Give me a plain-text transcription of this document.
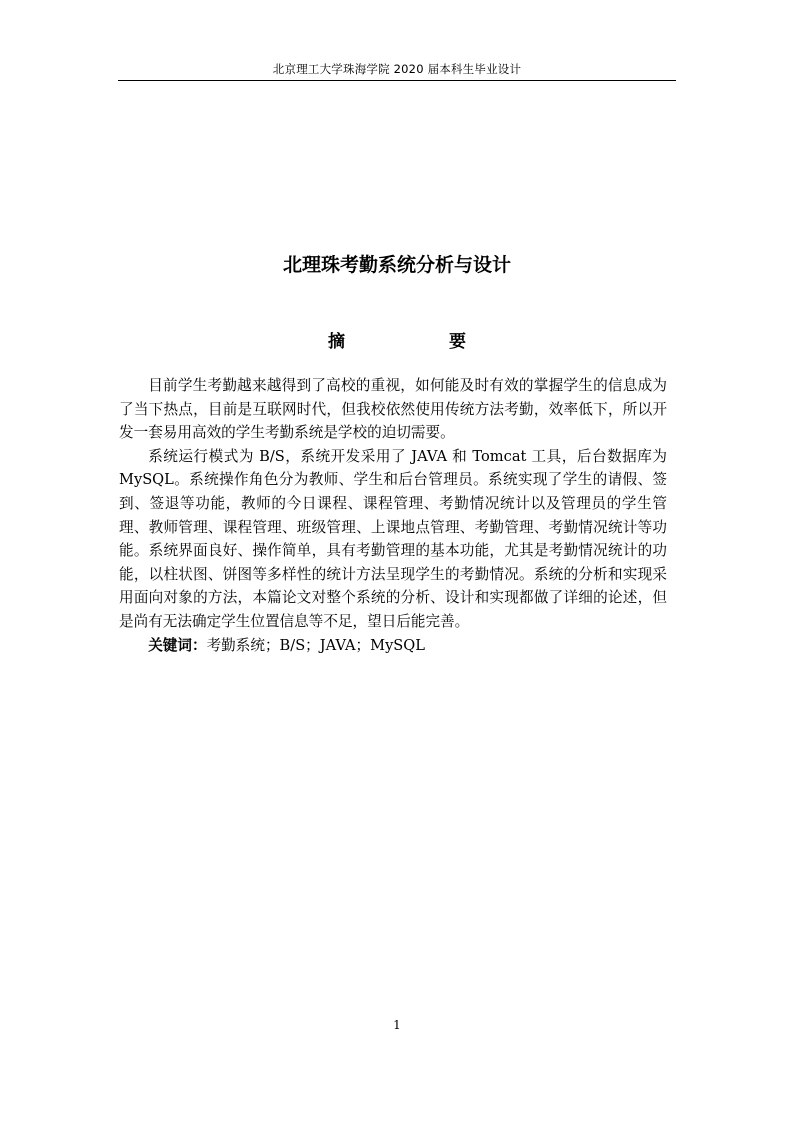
北京理工大学珠海学院 2020 届本科生毕业设计
北理珠考勤系统分析与设计
摘 要

目前学生考勤越来越得到了高校的重视，如何能及时有效的掌握学生的信息成为了当下热点，目前是互联网时代，但我校依然使用传统方法考勤，效率低下，所以开发一套易用高效的学生考勤系统是学校的迫切需要。

系统运行模式为 B/S，系统开发采用了 JAVA 和 Tomcat 工具，后台数据库为 MySQL。系统操作角色分为教师、学生和后台管理员。系统实现了学生的请假、签到、签退等功能，教师的今日课程、课程管理、考勤情况统计以及管理员的学生管理、教师管理、课程管理、班级管理、上课地点管理、考勤管理、考勤情况统计等功能。系统界面良好、操作简单，具有考勤管理的基本功能，尤其是考勤情况统计的功能，以柱状图、饼图等多样性的统计方法呈现学生的考勤情况。系统的分析和实现采用面向对象的方法，本篇论文对整个系统的分析、设计和实现都做了详细的论述，但是尚有无法确定学生位置信息等不足，望日后能完善。

关键词：考勤系统；B/S；JAVA；MySQL

1
